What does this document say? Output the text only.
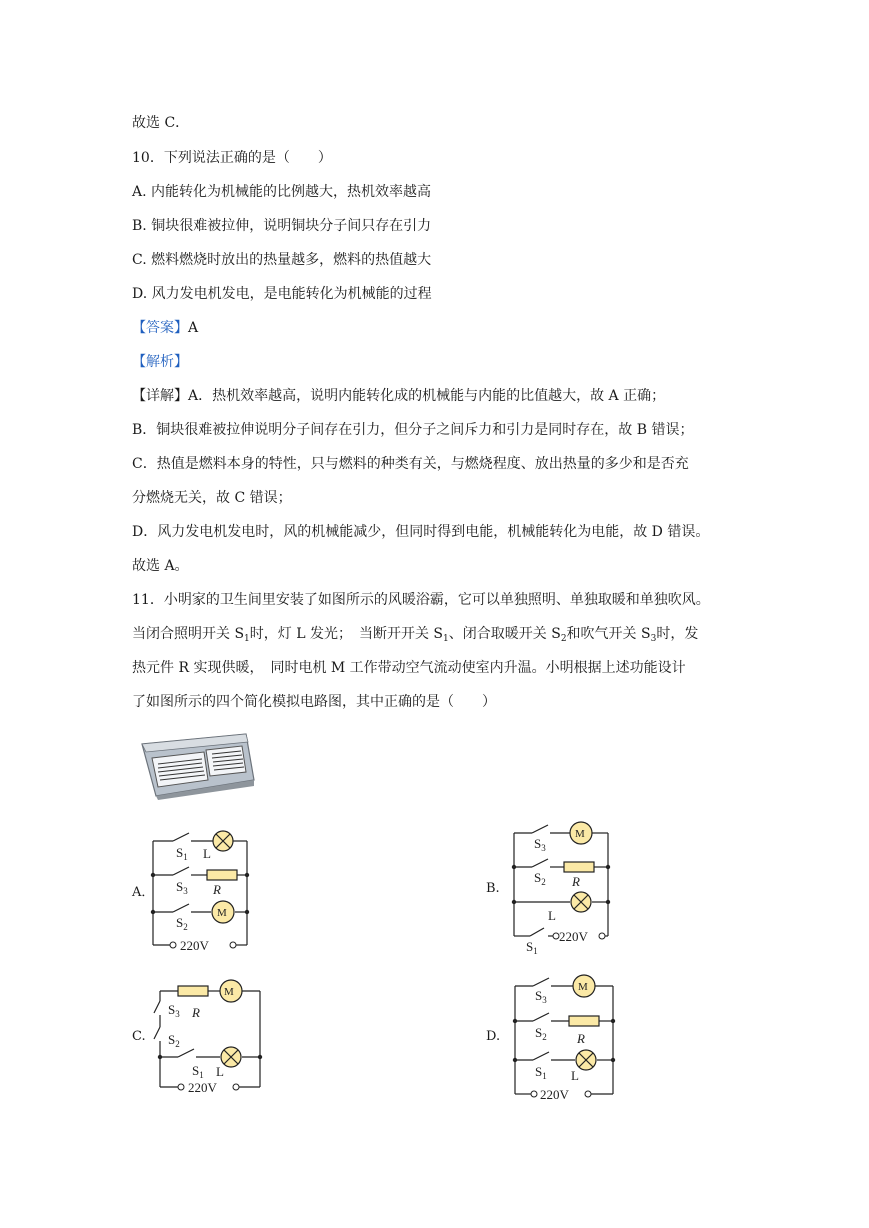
故选 C．
10．下列说法正确的是（　　）
A. 内能转化为机械能的比例越大，热机效率越高
B. 铜块很难被拉伸，说明铜块分子间只存在引力
C. 燃料燃烧时放出的热量越多，燃料的热值越大
D. 风力发电机发电，是电能转化为机械能的过程
【答案】A
【解析】
【详解】A．热机效率越高，说明内能转化成的机械能与内能的比值越大，故 A 正确；
B．铜块很难被拉伸说明分子间存在引力，但分子之间斥力和引力是同时存在，故 B 错误；
C．热值是燃料本身的特性，只与燃料的种类有关，与燃烧程度、放出热量的多少和是否充
分燃烧无关，故 C 错误；
D．风力发电机发电时，风的机械能减少，但同时得到电能，机械能转化为电能，故 D 错误。
故选 A。
11．小明家的卫生间里安装了如图所示的风暖浴霸，它可以单独照明、单独取暖和单独吹风。
当闭合照明开关 $S_1$时，灯 L 发光；　当断开开关 $S_1$、闭合取暖开关 $S_2$和吹气开关 $S_3$时，发
热元件 R 实现供暖，　同时电机 M 工作带动空气流动使室内升温。小明根据上述功能设计
了如图所示的四个简化模拟电路图，其中正确的是（　　）
A．	B.
C.	D.
$S_1$ L
$S_3$ R
$S_2$
M
220V
$S_3$
M
$S_2$ R
L
$S_1$
220V
$S_3$ R
$S_2$
M
$S_1$ L
220V
$S_3$
M
$S_2$ R
$S_1$ L
220V
